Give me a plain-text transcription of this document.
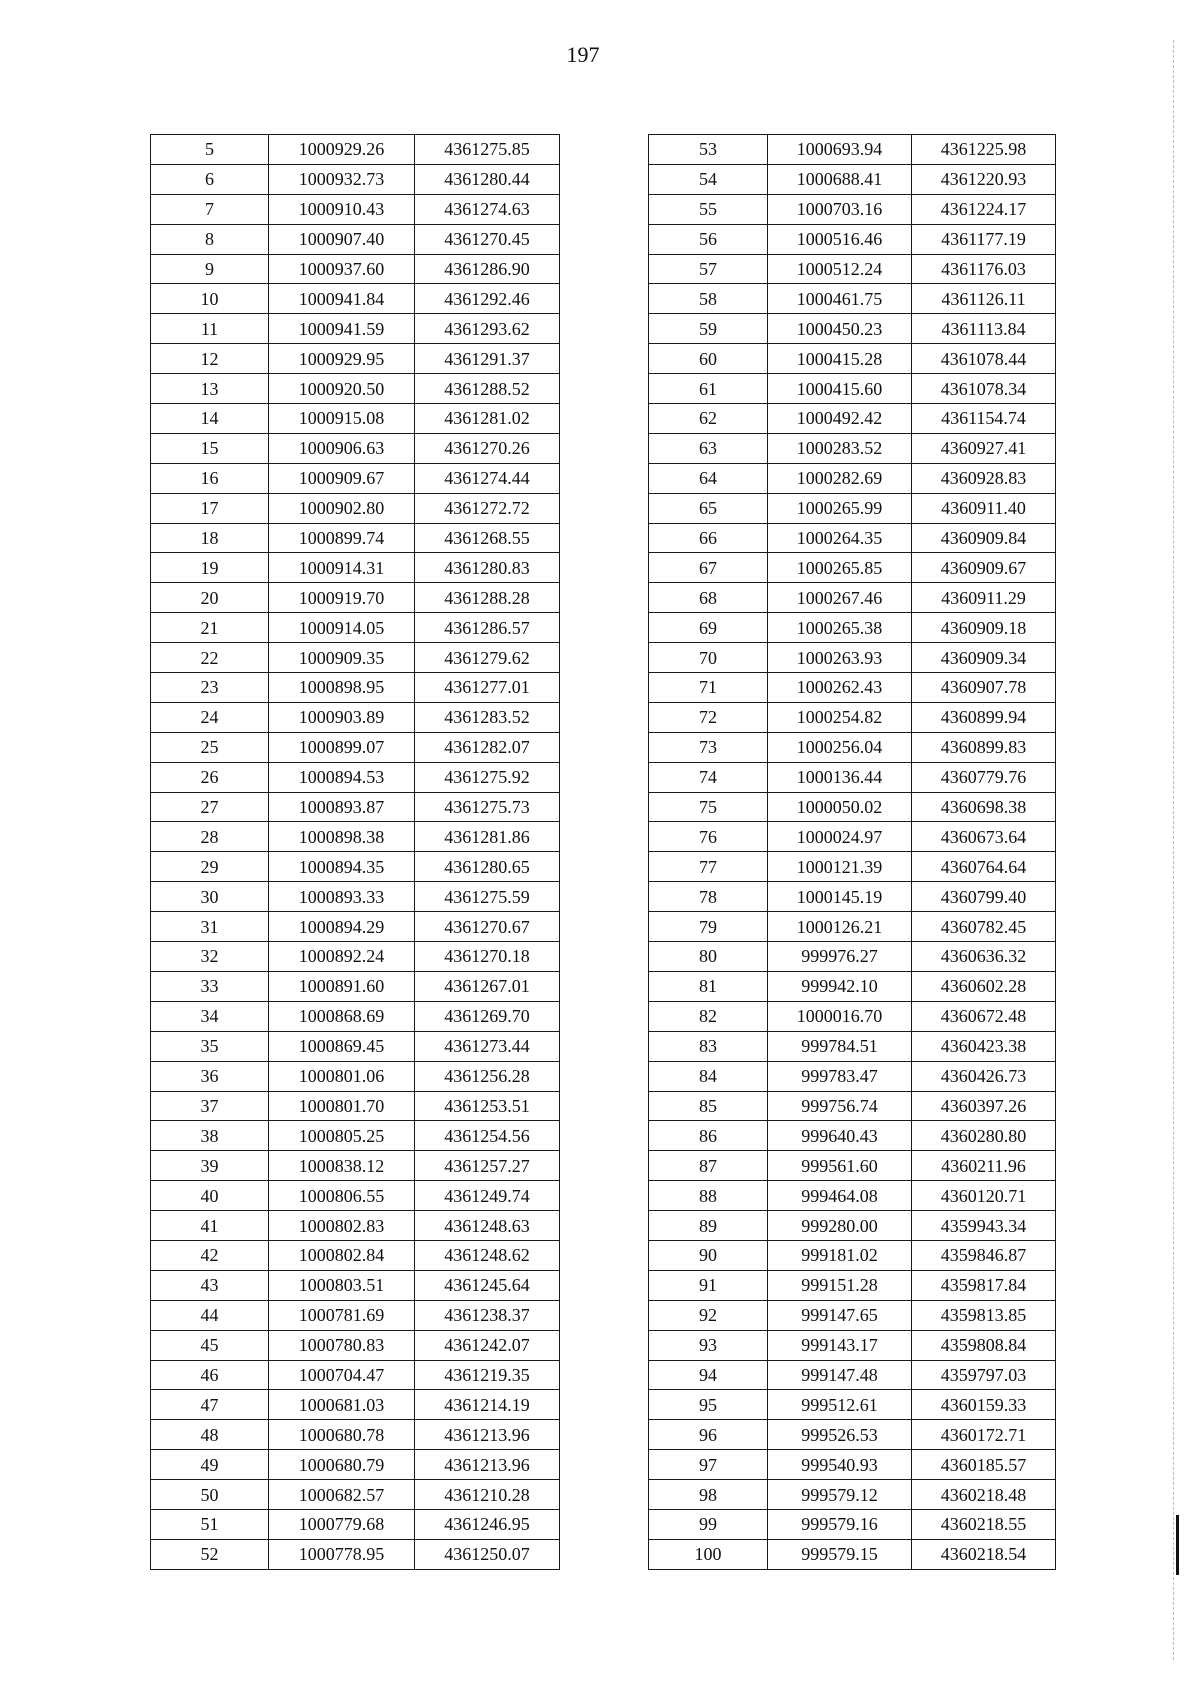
197
5	1000929.26	4361275.85
6	1000932.73	4361280.44
7	1000910.43	4361274.63
8	1000907.40	4361270.45
9	1000937.60	4361286.90
10	1000941.84	4361292.46
11	1000941.59	4361293.62
12	1000929.95	4361291.37
13	1000920.50	4361288.52
14	1000915.08	4361281.02
15	1000906.63	4361270.26
16	1000909.67	4361274.44
17	1000902.80	4361272.72
18	1000899.74	4361268.55
19	1000914.31	4361280.83
20	1000919.70	4361288.28
21	1000914.05	4361286.57
22	1000909.35	4361279.62
23	1000898.95	4361277.01
24	1000903.89	4361283.52
25	1000899.07	4361282.07
26	1000894.53	4361275.92
27	1000893.87	4361275.73
28	1000898.38	4361281.86
29	1000894.35	4361280.65
30	1000893.33	4361275.59
31	1000894.29	4361270.67
32	1000892.24	4361270.18
33	1000891.60	4361267.01
34	1000868.69	4361269.70
35	1000869.45	4361273.44
36	1000801.06	4361256.28
37	1000801.70	4361253.51
38	1000805.25	4361254.56
39	1000838.12	4361257.27
40	1000806.55	4361249.74
41	1000802.83	4361248.63
42	1000802.84	4361248.62
43	1000803.51	4361245.64
44	1000781.69	4361238.37
45	1000780.83	4361242.07
46	1000704.47	4361219.35
47	1000681.03	4361214.19
48	1000680.78	4361213.96
49	1000680.79	4361213.96
50	1000682.57	4361210.28
51	1000779.68	4361246.95
52	1000778.95	4361250.07
53	1000693.94	4361225.98
54	1000688.41	4361220.93
55	1000703.16	4361224.17
56	1000516.46	4361177.19
57	1000512.24	4361176.03
58	1000461.75	4361126.11
59	1000450.23	4361113.84
60	1000415.28	4361078.44
61	1000415.60	4361078.34
62	1000492.42	4361154.74
63	1000283.52	4360927.41
64	1000282.69	4360928.83
65	1000265.99	4360911.40
66	1000264.35	4360909.84
67	1000265.85	4360909.67
68	1000267.46	4360911.29
69	1000265.38	4360909.18
70	1000263.93	4360909.34
71	1000262.43	4360907.78
72	1000254.82	4360899.94
73	1000256.04	4360899.83
74	1000136.44	4360779.76
75	1000050.02	4360698.38
76	1000024.97	4360673.64
77	1000121.39	4360764.64
78	1000145.19	4360799.40
79	1000126.21	4360782.45
80	999976.27	4360636.32
81	999942.10	4360602.28
82	1000016.70	4360672.48
83	999784.51	4360423.38
84	999783.47	4360426.73
85	999756.74	4360397.26
86	999640.43	4360280.80
87	999561.60	4360211.96
88	999464.08	4360120.71
89	999280.00	4359943.34
90	999181.02	4359846.87
91	999151.28	4359817.84
92	999147.65	4359813.85
93	999143.17	4359808.84
94	999147.48	4359797.03
95	999512.61	4360159.33
96	999526.53	4360172.71
97	999540.93	4360185.57
98	999579.12	4360218.48
99	999579.16	4360218.55
100	999579.15	4360218.54
